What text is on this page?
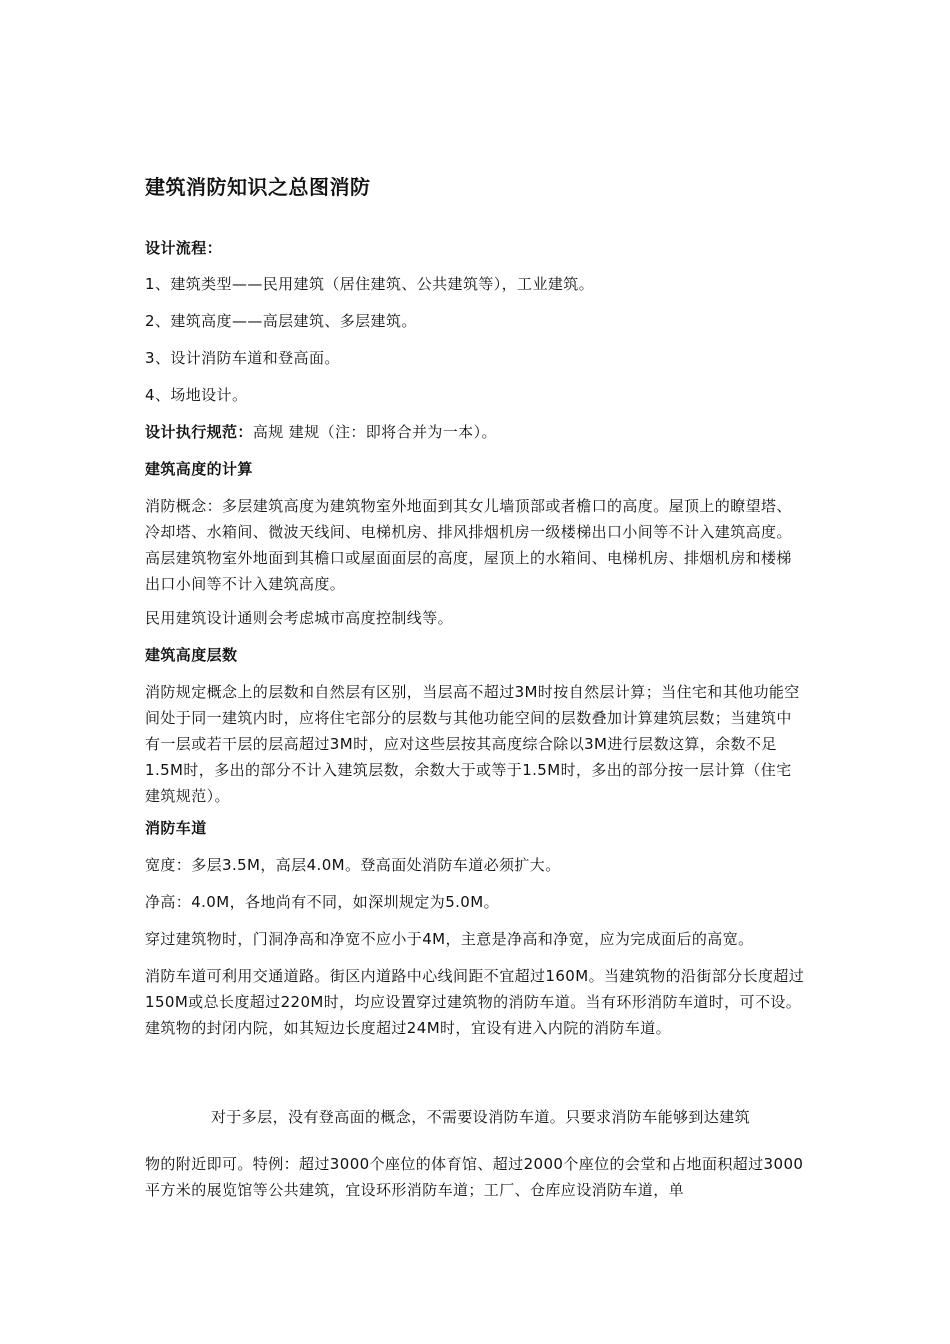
建筑消防知识之总图消防
设计流程：
1、建筑类型——民用建筑（居住建筑、公共建筑等），工业建筑。
2、建筑高度——高层建筑、多层建筑。
3、设计消防车道和登高面。
4、场地设计。
设计执行规范：高规 建规（注：即将合并为一本）。
建筑高度的计算
消防概念：多层建筑高度为建筑物室外地面到其女儿墙顶部或者檐口的高度。屋顶上的瞭望塔、冷却塔、水箱间、微波天线间、电梯机房、排风排烟机房一级楼梯出口小间等不计入建筑高度。高层建筑物室外地面到其檐口或屋面面层的高度，屋顶上的水箱间、电梯机房、排烟机房和楼梯出口小间等不计入建筑高度。
民用建筑设计通则会考虑城市高度控制线等。
建筑高度层数
消防规定概念上的层数和自然层有区别，当层高不超过3M时按自然层计算；当住宅和其他功能空间处于同一建筑内时，应将住宅部分的层数与其他功能空间的层数叠加计算建筑层数；当建筑中有一层或若干层的层高超过3M时，应对这些层按其高度综合除以3M进行层数这算，余数不足1.5M时，多出的部分不计入建筑层数，余数大于或等于1.5M时，多出的部分按一层计算（住宅建筑规范）。
消防车道
宽度：多层3.5M，高层4.0M。登高面处消防车道必须扩大。
净高：4.0M，各地尚有不同，如深圳规定为5.0M。
穿过建筑物时，门洞净高和净宽不应小于4M，主意是净高和净宽，应为完成面后的高宽。
消防车道可利用交通道路。街区内道路中心线间距不宜超过160M。当建筑物的沿街部分长度超过150M或总长度超过220M时，均应设置穿过建筑物的消防车道。当有环形消防车道时，可不设。建筑物的封闭内院，如其短边长度超过24M时，宜设有进入内院的消防车道。
对于多层，没有登高面的概念，不需要设消防车道。只要求消防车能够到达建筑
物的附近即可。特例：超过3000个座位的体育馆、超过2000个座位的会堂和占地面积超过3000平方米的展览馆等公共建筑，宜设环形消防车道；工厂、仓库应设消防车道，单
